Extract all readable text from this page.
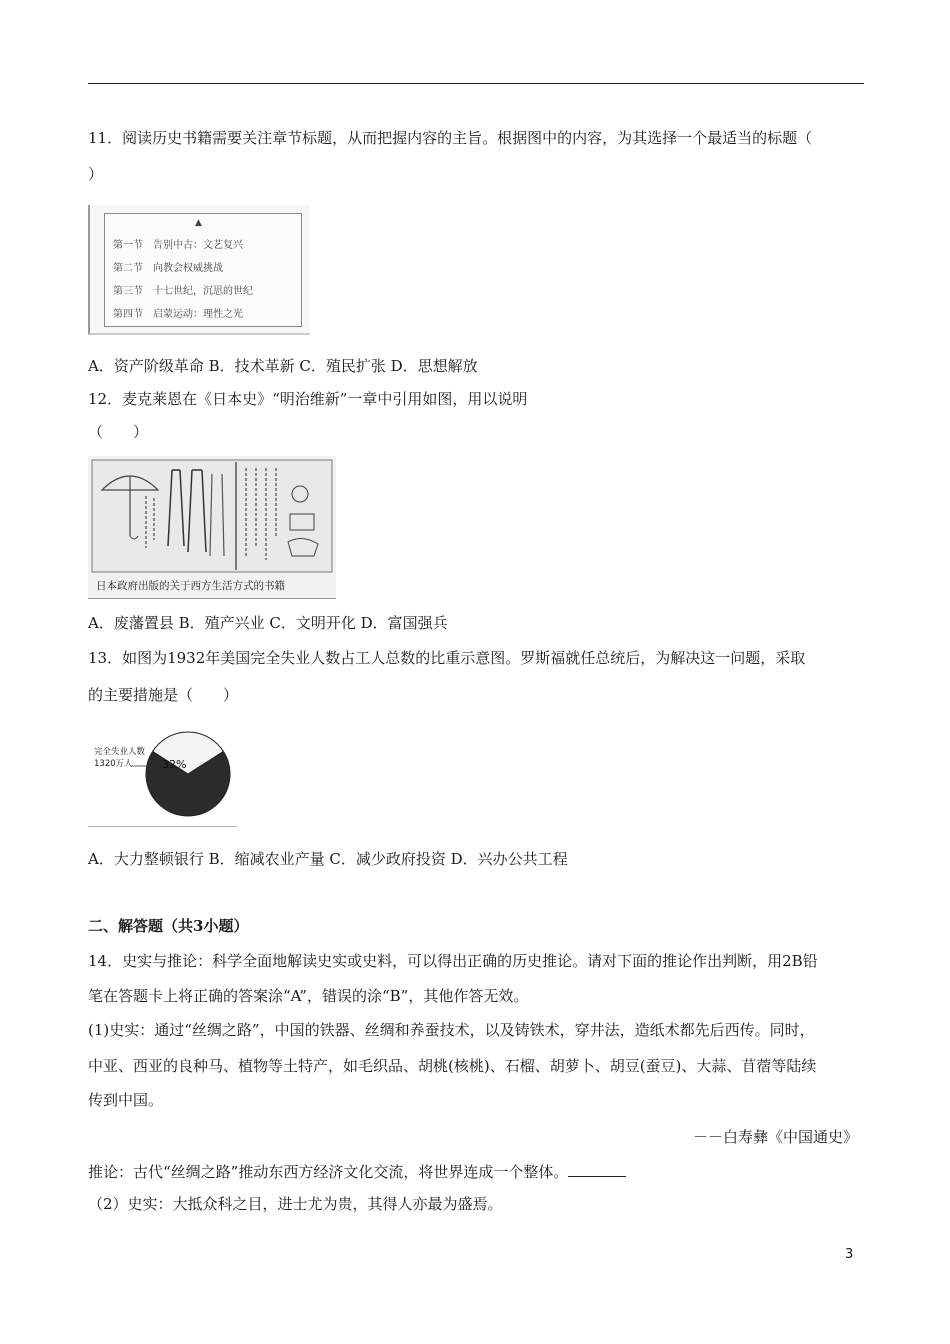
11．阅读历史书籍需要关注章节标题，从而把握内容的主旨。根据图中的内容，为其选择一个最适当的标题（
）
▲
第一节　告别中古：文艺复兴
第二节　向教会权威挑战
第三节　十七世纪，沉思的世纪
第四节　启蒙运动：理性之光
A．资产阶级革命 B．技术革新 C．殖民扩张 D．思想解放
12．麦克莱恩在《日本史》“明治维新”一章中引用如图，用以说明
（　　）
日本政府出版的关于西方生活方式的书籍
A．废藩置县 B．殖产兴业 C．文明开化 D．富国强兵
13．如图为1932年美国完全失业人数占工人总数的比重示意图。罗斯福就任总统后，为解决这一问题，采取
的主要措施是（　　）
完全失业人数
1320万人	32%
A．大力整顿银行 B．缩减农业产量 C．减少政府投资 D．兴办公共工程
二、解答题（共3小题）
14．史实与推论：科学全面地解读史实或史料，可以得出正确的历史推论。请对下面的推论作出判断，用2B铅
笔在答题卡上将正确的答案涂“A”，错误的涂“B”，其他作答无效。
(1)史实：通过“丝绸之路”，中国的铁器、丝绸和养蚕技术，以及铸铁术，穿井法，造纸术都先后西传。同时，
中亚、西亚的良种马、植物等土特产，如毛织品、胡桃(核桃)、石榴、胡萝卜、胡豆(蚕豆)、大蒜、苜蓿等陆续
传到中国。
－－白寿彝《中国通史》
推论：古代“丝绸之路”推动东西方经济文化交流，将世界连成一个整体。
（2）史实：大抵众科之目，进士尤为贵，其得人亦最为盛焉。
3
